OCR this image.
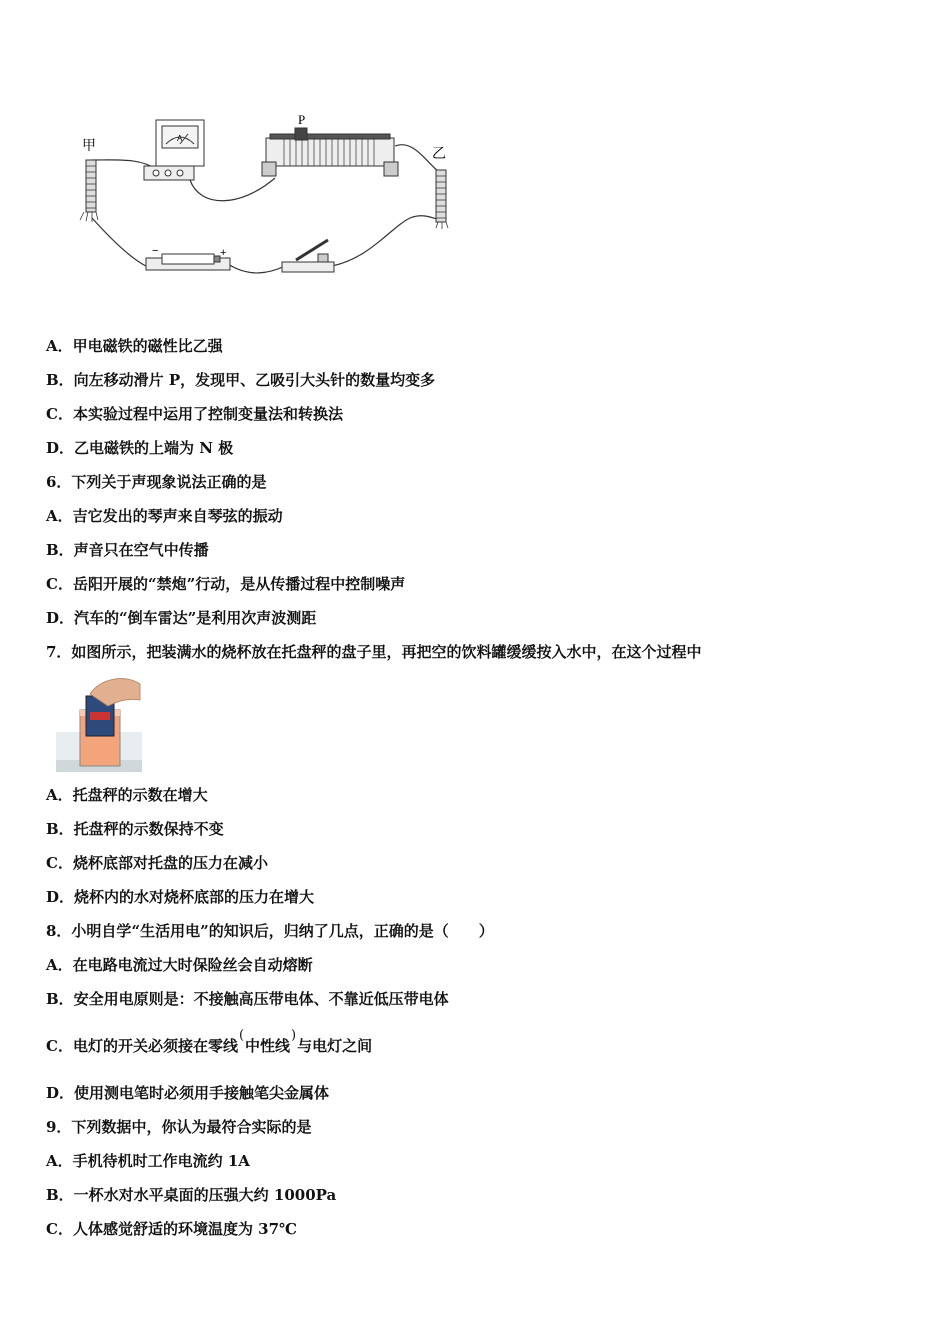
甲
A
P
乙
−	+
A．甲电磁铁的磁性比乙强
B．向左移动滑片 P，发现甲、乙吸引大头针的数量均变多
C．本实验过程中运用了控制变量法和转换法
D．乙电磁铁的上端为 N 极
6．下列关于声现象说法正确的是
A．吉它发出的琴声来自琴弦的振动
B．声音只在空气中传播
C．岳阳开展的“禁炮”行动，是从传播过程中控制噪声
D．汽车的“倒车雷达”是利用次声波测距
7．如图所示，把装满水的烧杯放在托盘秤的盘子里，再把空的饮料罐缓缓按入水中，在这个过程中
A．托盘秤的示数在增大
B．托盘秤的示数保持不变
C．烧杯底部对托盘的压力在减小
D．烧杯内的水对烧杯底部的压力在增大
8．小明自学“生活用电”的知识后，归纳了几点，正确的是（　　）
A．在电路电流过大时保险丝会自动熔断
B．安全用电原则是：不接触高压带电体、不靠近低压带电体
C．电灯的开关必须接在零线(中性线)与电灯之间
D．使用测电笔时必须用手接触笔尖金属体
9．下列数据中，你认为最符合实际的是
A．手机待机时工作电流约 1A
B．一杯水对水平桌面的压强大约 1000Pa
C．人体感觉舒适的环境温度为 37℃
